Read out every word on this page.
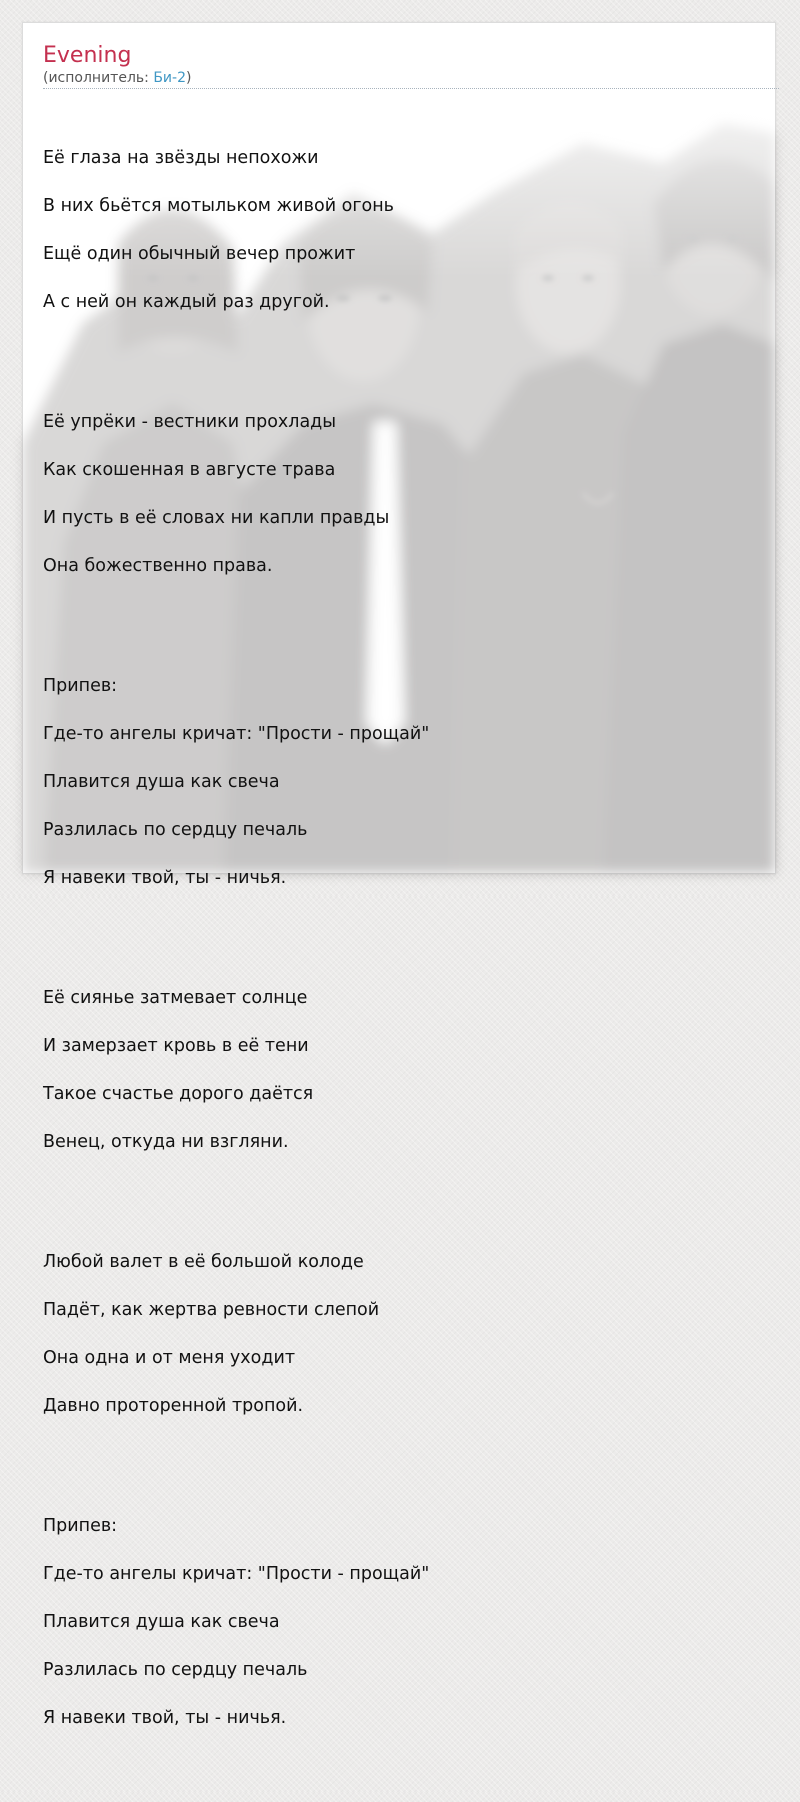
Evening
(исполнитель: Би-2)

Её глаза на звёзды непохожи

В них бьётся мотыльком живой огонь

Ещё один обычный вечер прожит

А с ней он каждый раз другой.

Её упрёки - вестники прохлады

Как скошенная в августе трава

И пусть в её словах ни капли правды

Она божественно права.

Припев:

Где-то ангелы кричат: "Прости - прощай"

Плавится душа как свеча

Разлилась по сердцу печаль

Я навеки твой, ты - ничья.

Её сиянье затмевает солнце

И замерзает кровь в её тени

Такое счастье дорого даётся

Венец, откуда ни взгляни.

Любой валет в её большой колоде

Падёт, как жертва ревности слепой

Она одна и от меня уходит

Давно проторенной тропой.

Припев:

Где-то ангелы кричат: "Прости - прощай"

Плавится душа как свеча

Разлилась по сердцу печаль

Я навеки твой, ты - ничья.
